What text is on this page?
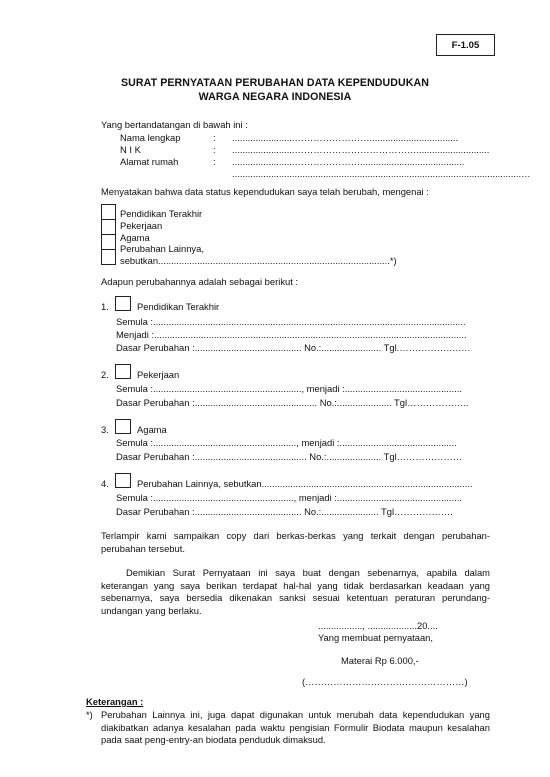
F-1.05
SURAT PERNYATAAN PERUBAHAN DATA KEPENDUDUKAN
WARGA NEGARA INDONESIA
Yang bertandatangan di bawah ini :
Nama lengkap	: ........................……………………..................................
N I K	: ........................…………………………………............................
Alamat rumah	: ........................…………………........................................
...............................................................................................................…
Menyatakan bahwa data status kependudukan saya telah berubah, mengenai :
Pendidikan Terakhir
Pekerjaan
Agama
Perubahan Lainnya,
sebutkan.........................................................................................*)
Adapun perubahannya adalah sebagai berikut :
1.	Pendidikan Terakhir
Semula :........................................................................................................................
Menjadi :........................................................................................................................
Dasar Perubahan :......................................... No.:....................... Tgl.……………….….
2.	Pekerjaan
Semula :........................................................., menjadi :.............................................
Dasar Perubahan :............................................... No.:..................... Tgl………………..
3.	Agama
Semula :......................................................., menjadi :.............................................
Dasar Perubahan :........................................... No.:..................... Tgl…………………
4.	Perubahan Lainnya, sebutkan.................................................................................
Semula :......................................................, menjadi :................................................
Dasar Perubahan :......................................... No.:...................... Tgl……………….
Terlampir kami sampaikan copy dari berkas-berkas yang terkait dengan perubahan-perubahan tersebut.
Demikian Surat Pernyataan ini saya buat dengan sebenarnya, apabila dalam keterangan yang saya berikan terdapat hal-hal yang tidak berdasarkan keadaan yang sebenarnya, saya bersedia dikenakan sanksi sesuai ketentuan peraturan perundang-undangan yang berlaku.
................., ...................20....
Yang membuat pernyataan,
Materai Rp 6.000,-
(……………………………………………)
Keterangan :
*) Perubahan Lainnya ini, juga dapat digunakan untuk merubah data kependudukan yang diakibatkan adanya kesalahan pada waktu pengisian Formulir Biodata maupun kesalahan pada saat peng-entry-an biodata penduduk dimaksud.
